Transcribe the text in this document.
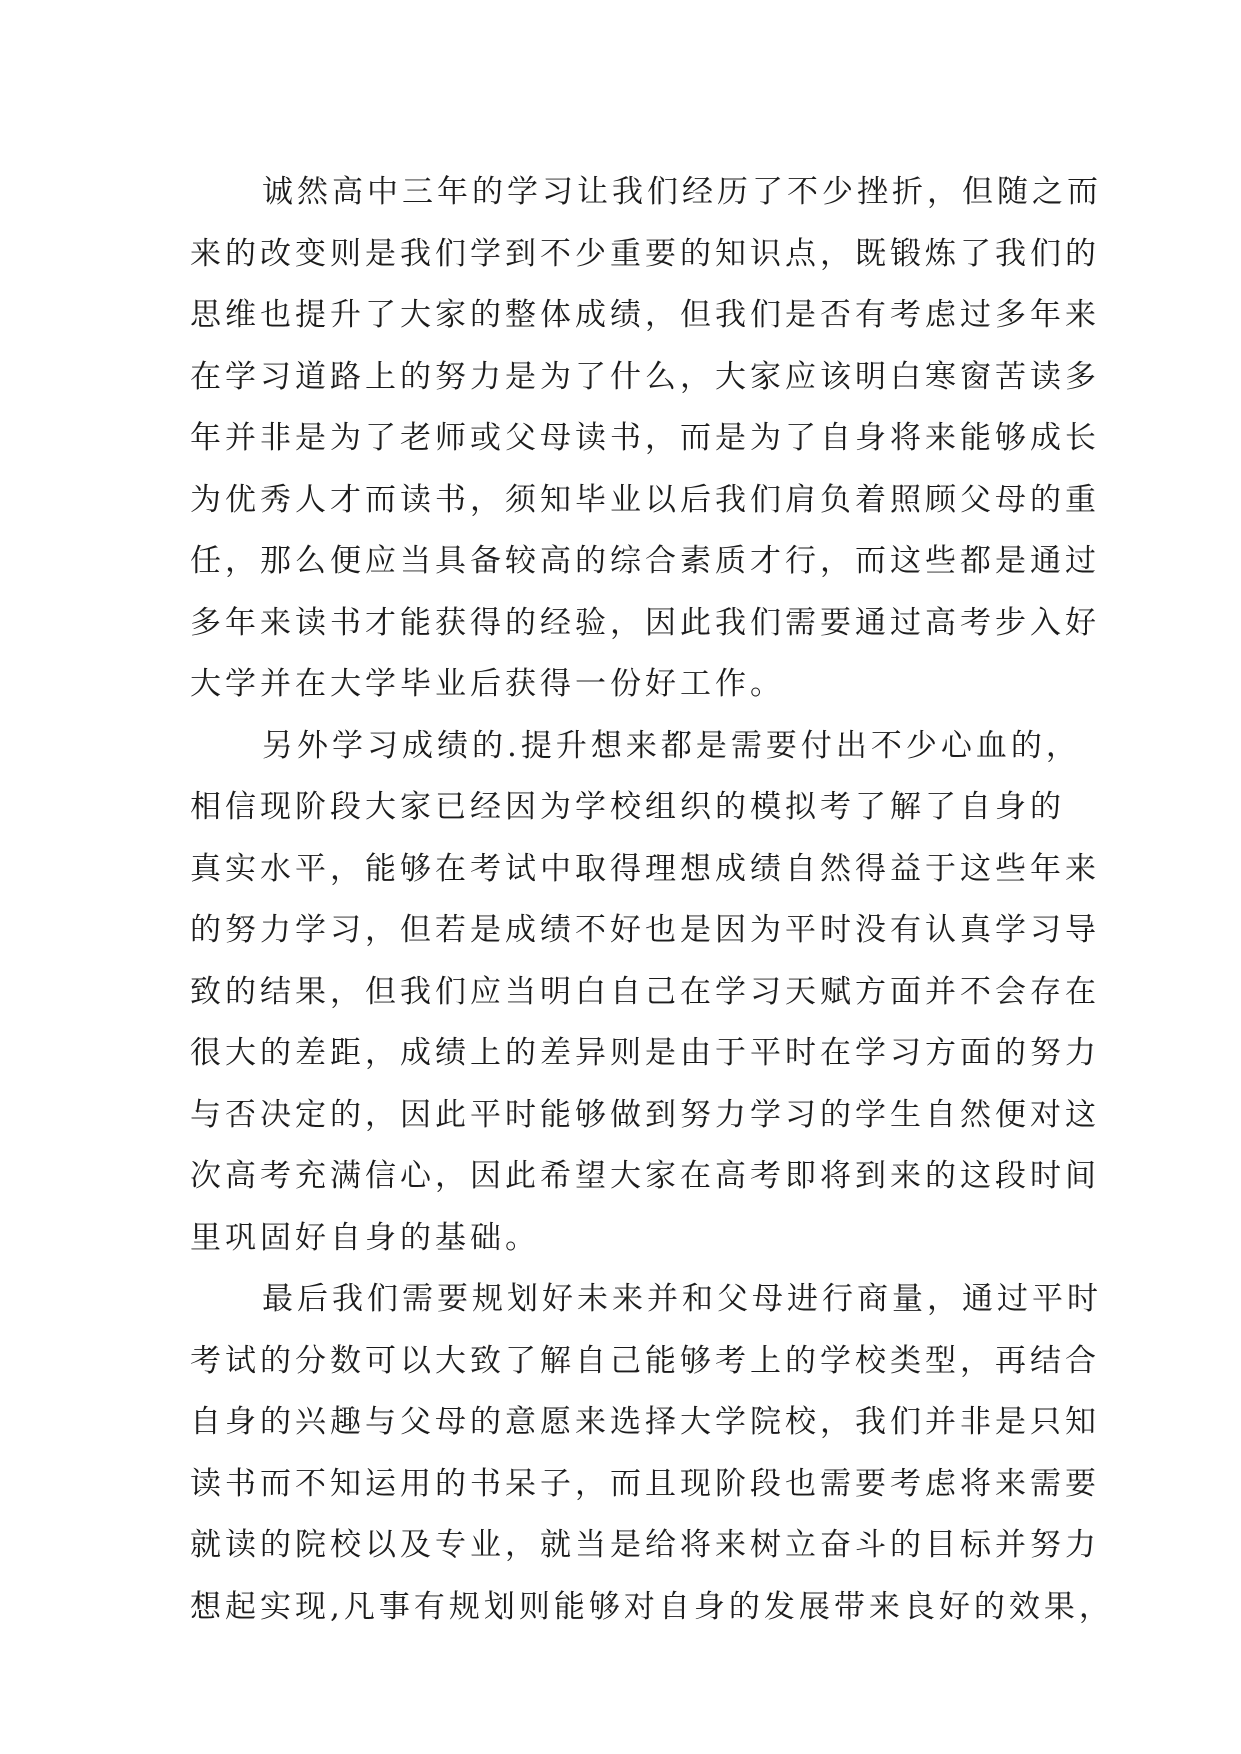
诚然高中三年的学习让我们经历了不少挫折，但随之而
来的改变则是我们学到不少重要的知识点，既锻炼了我们的
思维也提升了大家的整体成绩，但我们是否有考虑过多年来
在学习道路上的努力是为了什么，大家应该明白寒窗苦读多
年并非是为了老师或父母读书，而是为了自身将来能够成长
为优秀人才而读书，须知毕业以后我们肩负着照顾父母的重
任，那么便应当具备较高的综合素质才行，而这些都是通过
多年来读书才能获得的经验，因此我们需要通过高考步入好
大学并在大学毕业后获得一份好工作。
另外学习成绩的.提升想来都是需要付出不少心血的，
相信现阶段大家已经因为学校组织的模拟考了解了自身的
真实水平，能够在考试中取得理想成绩自然得益于这些年来
的努力学习，但若是成绩不好也是因为平时没有认真学习导
致的结果，但我们应当明白自己在学习天赋方面并不会存在
很大的差距，成绩上的差异则是由于平时在学习方面的努力
与否决定的，因此平时能够做到努力学习的学生自然便对这
次高考充满信心，因此希望大家在高考即将到来的这段时间
里巩固好自身的基础。
最后我们需要规划好未来并和父母进行商量，通过平时
考试的分数可以大致了解自己能够考上的学校类型，再结合
自身的兴趣与父母的意愿来选择大学院校，我们并非是只知
读书而不知运用的书呆子，而且现阶段也需要考虑将来需要
就读的院校以及专业，就当是给将来树立奋斗的目标并努力
想起实现,凡事有规划则能够对自身的发展带来良好的效果，
